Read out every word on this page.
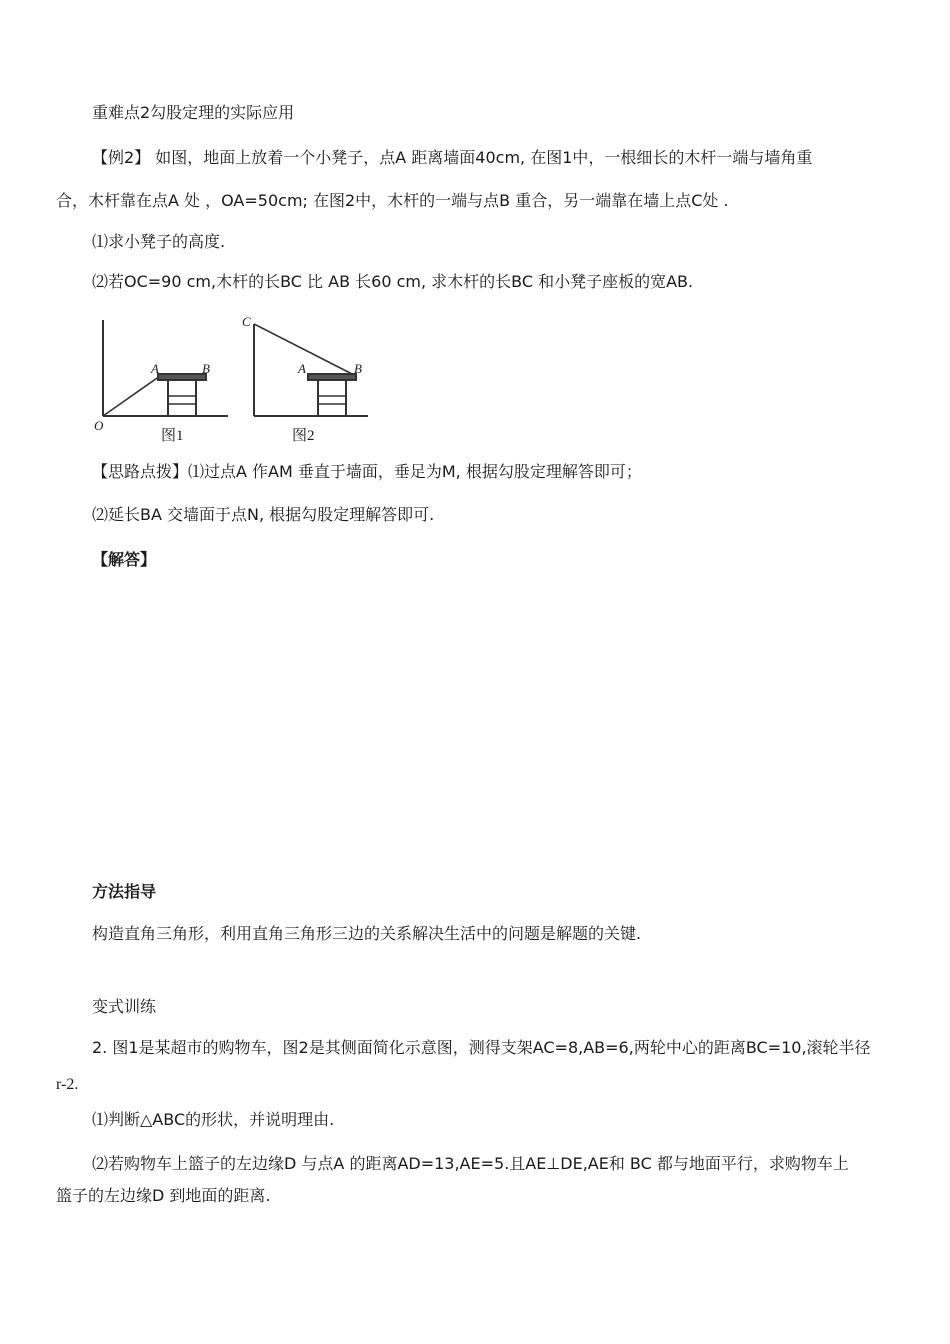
重难点2勾股定理的实际应用
【例2】 如图，地面上放着一个小凳子，点A 距离墙面40cm, 在图1中，一根细长的木杆一端与墙角重
合，木杆靠在点A 处 ，OA=50cm; 在图2中，木杆的一端与点B 重合，另一端靠在墙上点C处 .
⑴求小凳子的高度.
⑵若OC=90 cm,木杆的长BC 比 AB 长60 cm, 求木杆的长BC 和小凳子座板的宽AB.
A	B
O
C
A	B
图1	图2
【思路点拨】⑴过点A 作AM 垂直于墙面，垂足为M, 根据勾股定理解答即可；
⑵延长BA 交墙面于点N, 根据勾股定理解答即可.
【解答】
方法指导
构造直角三角形，利用直角三角形三边的关系解决生活中的问题是解题的关键.
变式训练
2. 图1是某超市的购物车，图2是其侧面简化示意图，测得支架AC=8,AB=6,两轮中心的距离BC=10,滚轮半径
r-2.
⑴判断△ABC的形状，并说明理由.
⑵若购物车上篮子的左边缘D 与点A 的距离AD=13,AE=5.且AE⊥DE,AE和 BC 都与地面平行，求购物车上
篮子的左边缘D 到地面的距离.
